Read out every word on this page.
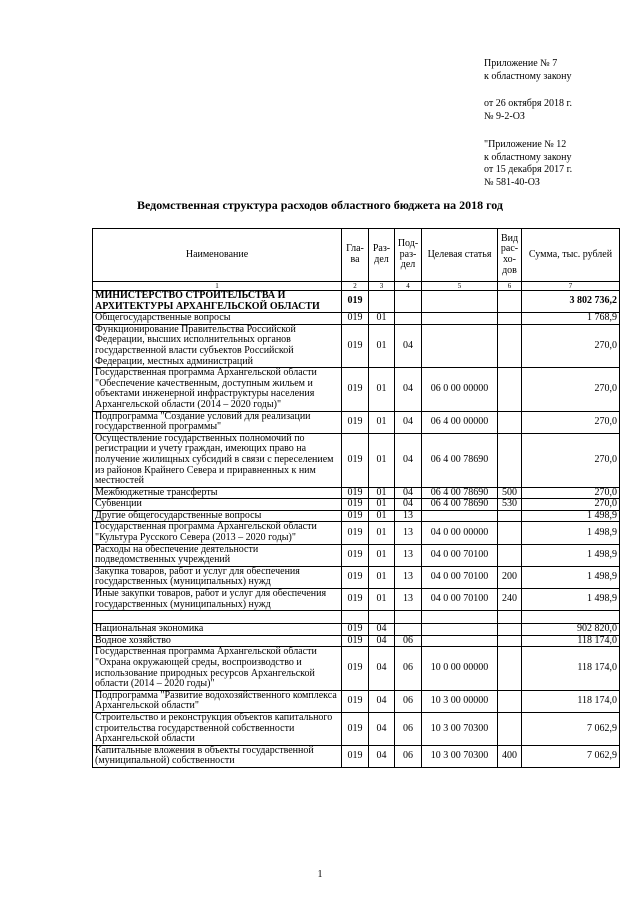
Приложение № 7

к областному закону

от 26 октября 2018 г.

№ 9-2-ОЗ

"Приложение № 12

к областному закону

от 15 декабря 2017 г.

№ 581-40-ОЗ

Ведомственная структура расходов областного бюджета на 2018 год
Наименование	Гла-ва	Раз-дел	Под-раз-дел	Целевая статья	Вид рас-хо-дов	Сумма, тыс. рублей
1	2	3	4	5	6	7
МИНИСТЕРСТВО СТРОИТЕЛЬСТВА И АРХИТЕКТУРЫ АРХАНГЕЛЬСКОЙ ОБЛАСТИ	019					3 802 736,2
Общегосударственные вопросы	019	01				1 768,9
Функционирование Правительства Российской Федерации, высших исполнительных органов государственной власти субъектов Российской Федерации, местных администраций	019	01	04			270,0
Государственная программа Архангельской области "Обеспечение качественным, доступным жильем и объектами инженерной инфраструктуры населения Архангельской области (2014 – 2020 годы)"	019	01	04	06 0 00 00000		270,0
Подпрограмма "Создание условий для реализации государственной программы"	019	01	04	06 4 00 00000		270,0
Осуществление государственных полномочий по регистрации и учету граждан, имеющих право на получение жилищных субсидий в связи с переселением из районов Крайнего Севера и приравненных к ним местностей	019	01	04	06 4 00 78690		270,0
Межбюджетные трансферты	019	01	04	06 4 00 78690	500	270,0
Субвенции	019	01	04	06 4 00 78690	530	270,0
Другие общегосударственные вопросы	019	01	13			1 498,9
Государственная программа Архангельской области "Культура Русского Севера (2013 – 2020 годы)"	019	01	13	04 0 00 00000		1 498,9
Расходы на обеспечение деятельности подведомственных учреждений	019	01	13	04 0 00 70100		1 498,9
Закупка товаров, работ и услуг для обеспечения государственных (муниципальных) нужд	019	01	13	04 0 00 70100	200	1 498,9
Иные закупки товаров, работ и услуг для обеспечения государственных (муниципальных) нужд	019	01	13	04 0 00 70100	240	1 498,9

Национальная экономика	019	04				902 820,0
Водное хозяйство	019	04	06			118 174,0
Государственная программа Архангельской области "Охрана окружающей среды, воспроизводство и использование природных ресурсов Архангельской области (2014 – 2020 годы)"	019	04	06	10 0 00 00000		118 174,0
Подпрограмма "Развитие водохозяйственного комплекса Архангельской области"	019	04	06	10 3 00 00000		118 174,0
Строительство и реконструкция объектов капитального строительства государственной собственности Архангельской области	019	04	06	10 3 00 70300		7 062,9
Капитальные вложения в объекты государственной (муниципальной) собственности	019	04	06	10 3 00 70300	400	7 062,9
1
